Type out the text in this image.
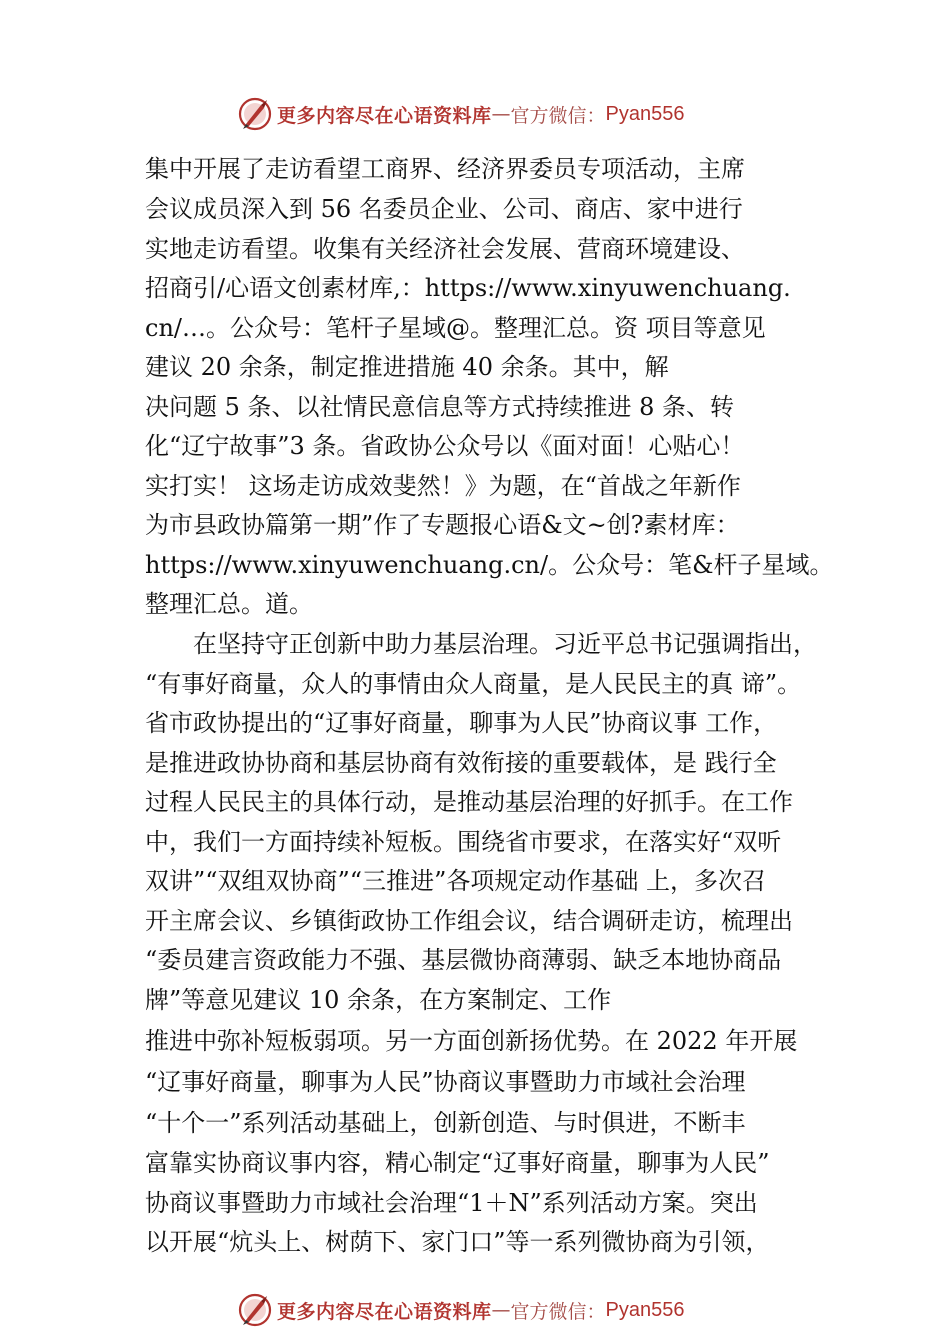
更多内容尽在心语资料库 — 官方微信： Pyan556
集中开展了走访看望工商界、经济界委员专项活动，主席
会议成员深入到 56 名委员企业、公司、商店、家中进行
实地走访看望。收集有关经济社会发展、营商环境建设、
招商引/心语文创素材库,：https://www.xinyuwenchuang.
cn/…。公众号：笔杆子星域@。整理汇总。资 项目等意见
建议 20 余条，制定推进措施 40 余条。其中，解
决问题 5 条、以社情民意信息等方式持续推进 8 条、转
化“辽宁故事”3 条。省政协公众号以《面对面！心贴心！
实打实！ 这场走访成效斐然！》为题，在“首战之年新作
为市县政协篇第一期”作了专题报心语&文~创?素材库：
https://www.xinyuwenchuang.cn/。公众号：笔&杆子星域。
整理汇总。道。
　　在坚持守正创新中助力基层治理。习近平总书记强调指出，
“有事好商量，众人的事情由众人商量，是人民民主的真 谛”。
省市政协提出的“辽事好商量，聊事为人民”协商议事 工作，
是推进政协协商和基层协商有效衔接的重要载体，是 践行全
过程人民民主的具体行动，是推动基层治理的好抓手。在工作
中，我们一方面持续补短板。围绕省市要求，在落实好“双听
双讲”“双组双协商”“三推进”各项规定动作基础 上，多次召
开主席会议、乡镇街政协工作组会议，结合调研走访，梳理出
“委员建言资政能力不强、基层微协商薄弱、缺乏本地协商品
牌”等意见建议 10 余条，在方案制定、工作
推进中弥补短板弱项。另一方面创新扬优势。在 2022 年开展
“辽事好商量，聊事为人民”协商议事暨助力市域社会治理
“十个一”系列活动基础上，创新创造、与时俱进，不断丰
富靠实协商议事内容，精心制定“辽事好商量，聊事为人民”
协商议事暨助力市域社会治理“1＋N”系列活动方案。突出
以开展“炕头上、树荫下、家门口”等一系列微协商为引领，
更多内容尽在心语资料库 — 官方微信： Pyan556
